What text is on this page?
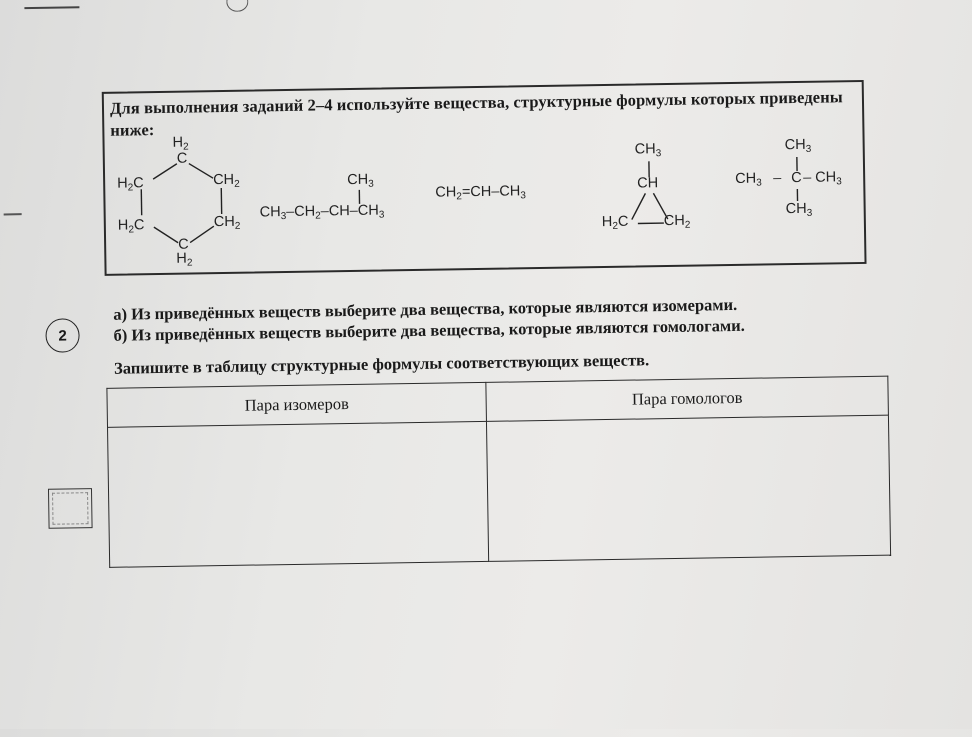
Для выполнения заданий 2–4 используйте вещества, структурные формулы которых приведены ниже:
$H_2$
C
$H_2C$	$CH_2$
$H_2C$	$CH_2$
C
$H_2$
$CH_3$
$CH_3-CH_2-CH-CH_3$
$CH_2=CH-CH_3$
$CH_3$
CH
$H_2C$ $CH_2$
$CH_3$
$CH_3$ – C – $CH_3$
$CH_3$
2
а) Из приведённых веществ выберите два вещества, которые являются изомерами.
б) Из приведённых веществ выберите два вещества, которые являются гомологами.
Запишите в таблицу структурные формулы соответствующих веществ.
Пара изомеров	Пара гомологов
